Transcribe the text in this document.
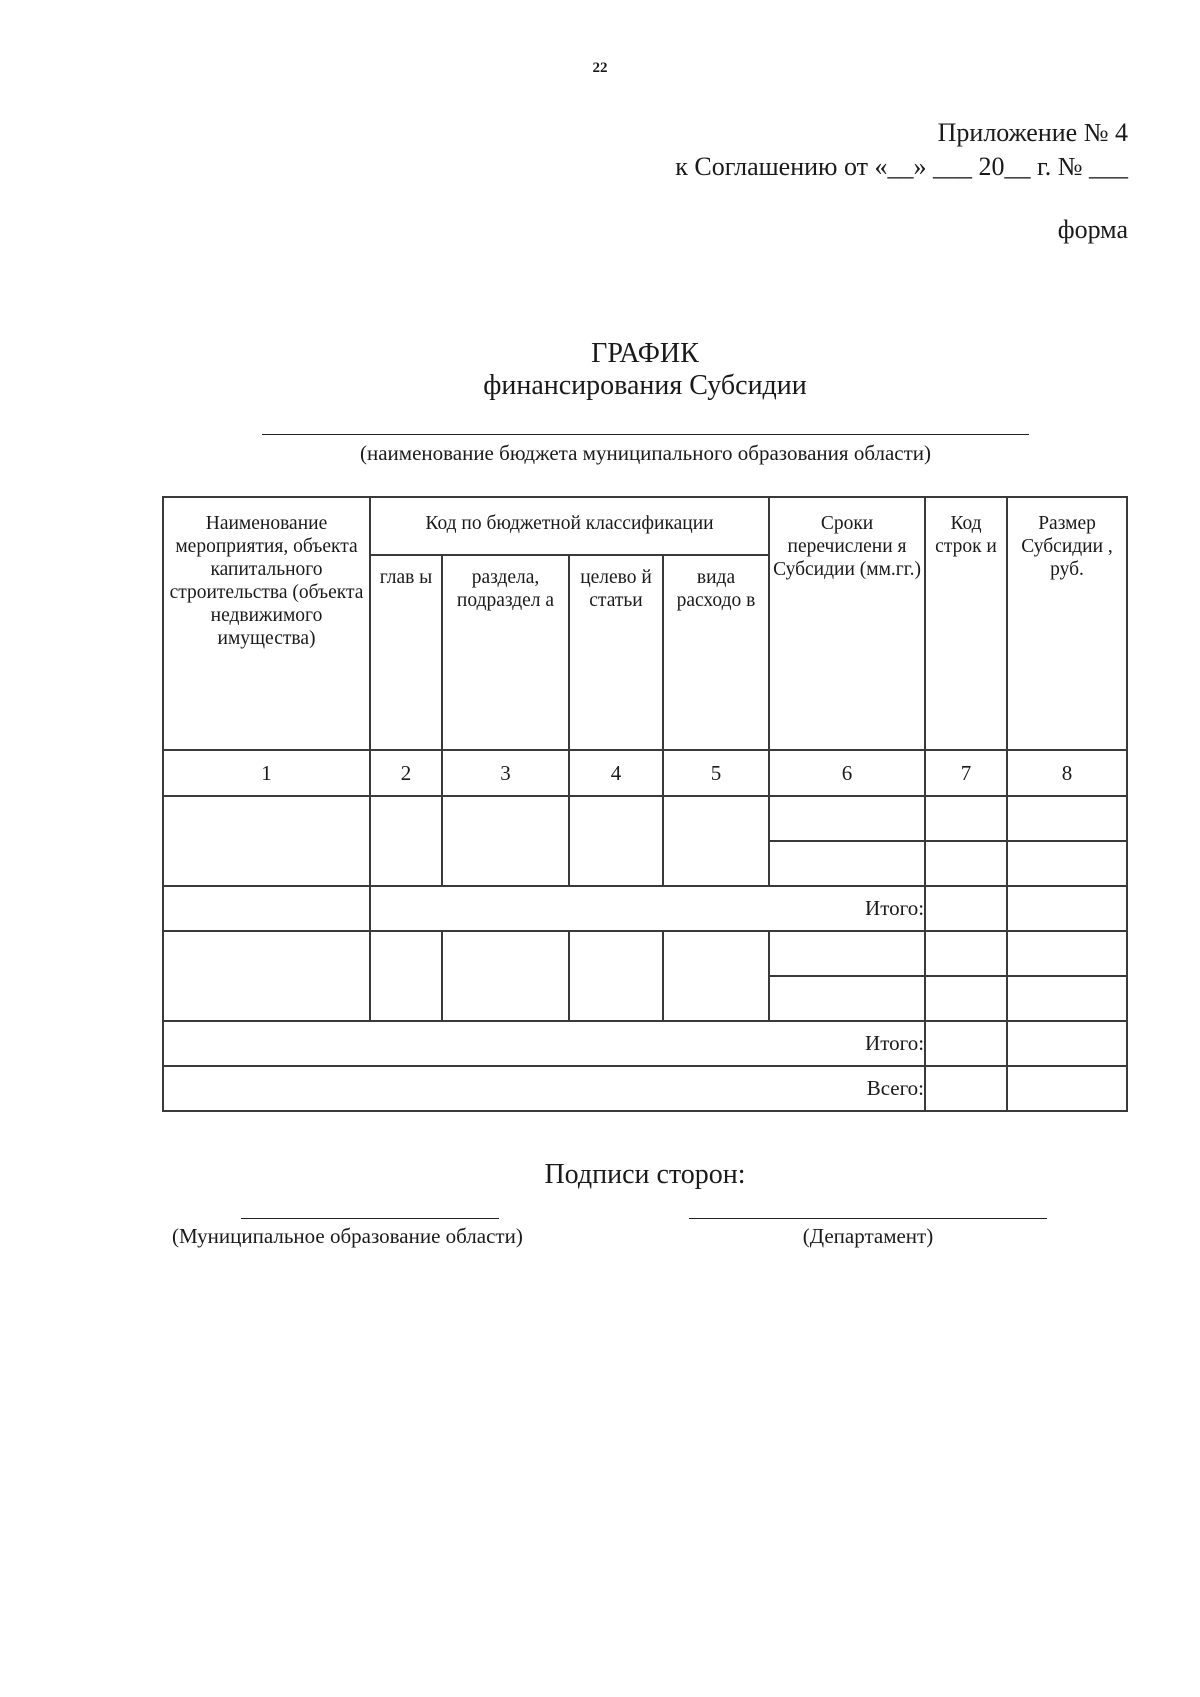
22
Приложение № 4
к Соглашению от «__» ___ 20__ г. № ___
форма
ГРАФИК
финансирования Субсидии
(наименование бюджета муниципального образования области)
Наименование мероприятия, объекта капитального строительства (объекта недвижимого имущества)	Код по бюджетной классификации				Сроки перечислени я Субсидии (мм.гг.)	Код строк и	Размер Субсидии , руб.
	глав ы	раздела, подраздел а	целево й статьи	вида расходо в			
1	2	3	4	5	6	7	8

	Итого:						

Итого:							
Всего:							
Подписи сторон:
(Муниципальное образование области)	(Департамент)
